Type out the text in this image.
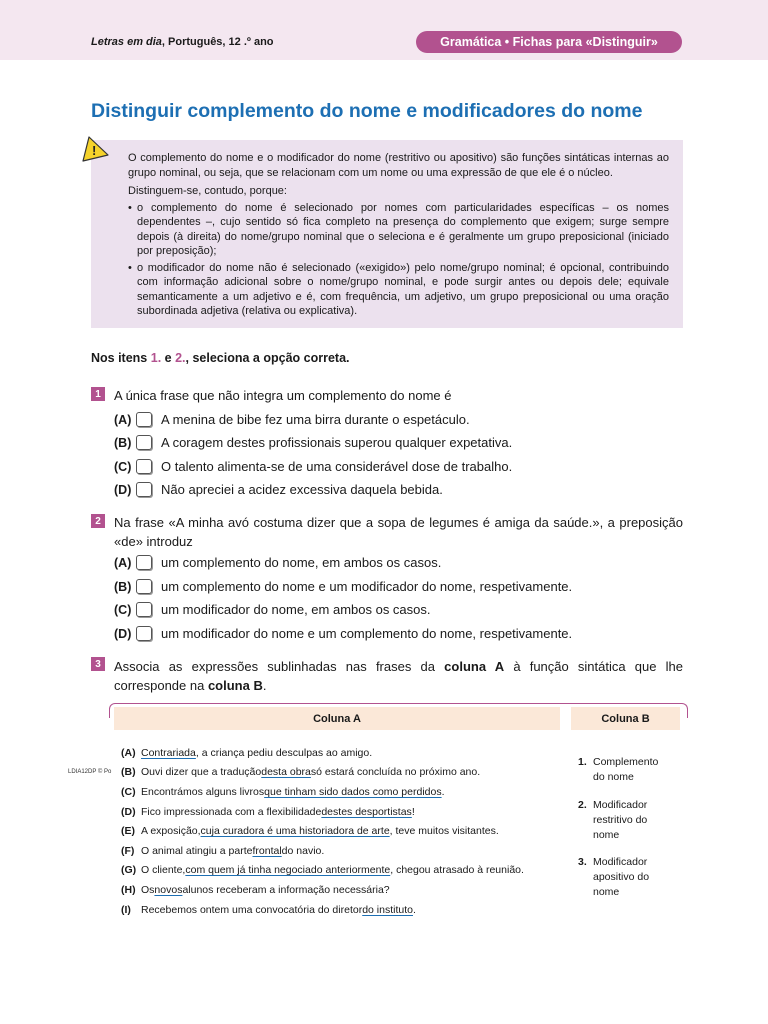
Letras em dia, Português, 12 .º ano	Gramática • Fichas para «Distinguir»
Distinguir complemento do nome e modificadores do nome
!	O complemento do nome e o modificador do nome (restritivo ou apositivo) são funções sintáticas internas ao grupo nominal, ou seja, que se relacionam com um nome ou uma expressão de que ele é o núcleo.

Distinguem-se, contudo, porque:

• o complemento do nome é selecionado por nomes com particularidades específicas – os nomes dependentes –, cujo sentido só fica completo na presença do complemento que exigem; surge sempre depois (à direita) do nome/grupo nominal que o seleciona e é geralmente um grupo preposicional (iniciado por preposição);
• o modificador do nome não é selecionado («exigido») pelo nome/grupo nominal; é opcional, contribuindo com informação adicional sobre o nome/grupo nominal, e pode surgir antes ou depois dele; equivale semanticamente a um adjetivo e é, com frequência, um adjetivo, um grupo preposicional ou uma oração subordinada adjetiva (relativa ou explicativa).
Nos itens 1. e 2., seleciona a opção correta.
1	A única frase que não integra um complemento do nome é
(A)	A menina de bibe fez uma birra durante o espetáculo.
(B)	A coragem destes profissionais superou qualquer expetativa.
(C)	O talento alimenta-se de uma considerável dose de trabalho.
(D)	Não apreciei a acidez excessiva daquela bebida.
2	Na frase «A minha avó costuma dizer que a sopa de legumes é amiga da saúde.», a preposição «de» introduz
(A)	um complemento do nome, em ambos os casos.
(B)	um complemento do nome e um modificador do nome, respetivamente.
(C)	um modificador do nome, em ambos os casos.
(D)	um modificador do nome e um complemento do nome, respetivamente.
3	Associa as expressões sublinhadas nas frases da coluna A à função sintática que lhe corresponde na coluna B.
Coluna A	Coluna B
LDIA12DP © Po
(A) Contrariada , a criança pediu desculpas ao amigo.
(B) Ouvi dizer que a tradução desta obra só estará concluída no próximo ano.
(C) Encontrámos alguns livros que tinham sido dados como perdidos .
(D) Fico impressionada com a flexibilidade destes desportistas !
(E) A exposição, cuja curadora é uma historiadora de arte , teve muitos visitantes.
(F) O animal atingiu a parte frontal do navio.
(G) O cliente, com quem já tinha negociado anteriormente , chegou atrasado à reunião.
(H) Os novos alunos receberam a informação necessária?
(I) Recebemos ontem uma convocatória do diretor do instituto .
1. Complemento do nome
2. Modificador restritivo do nome
3. Modificador apositivo do nome
